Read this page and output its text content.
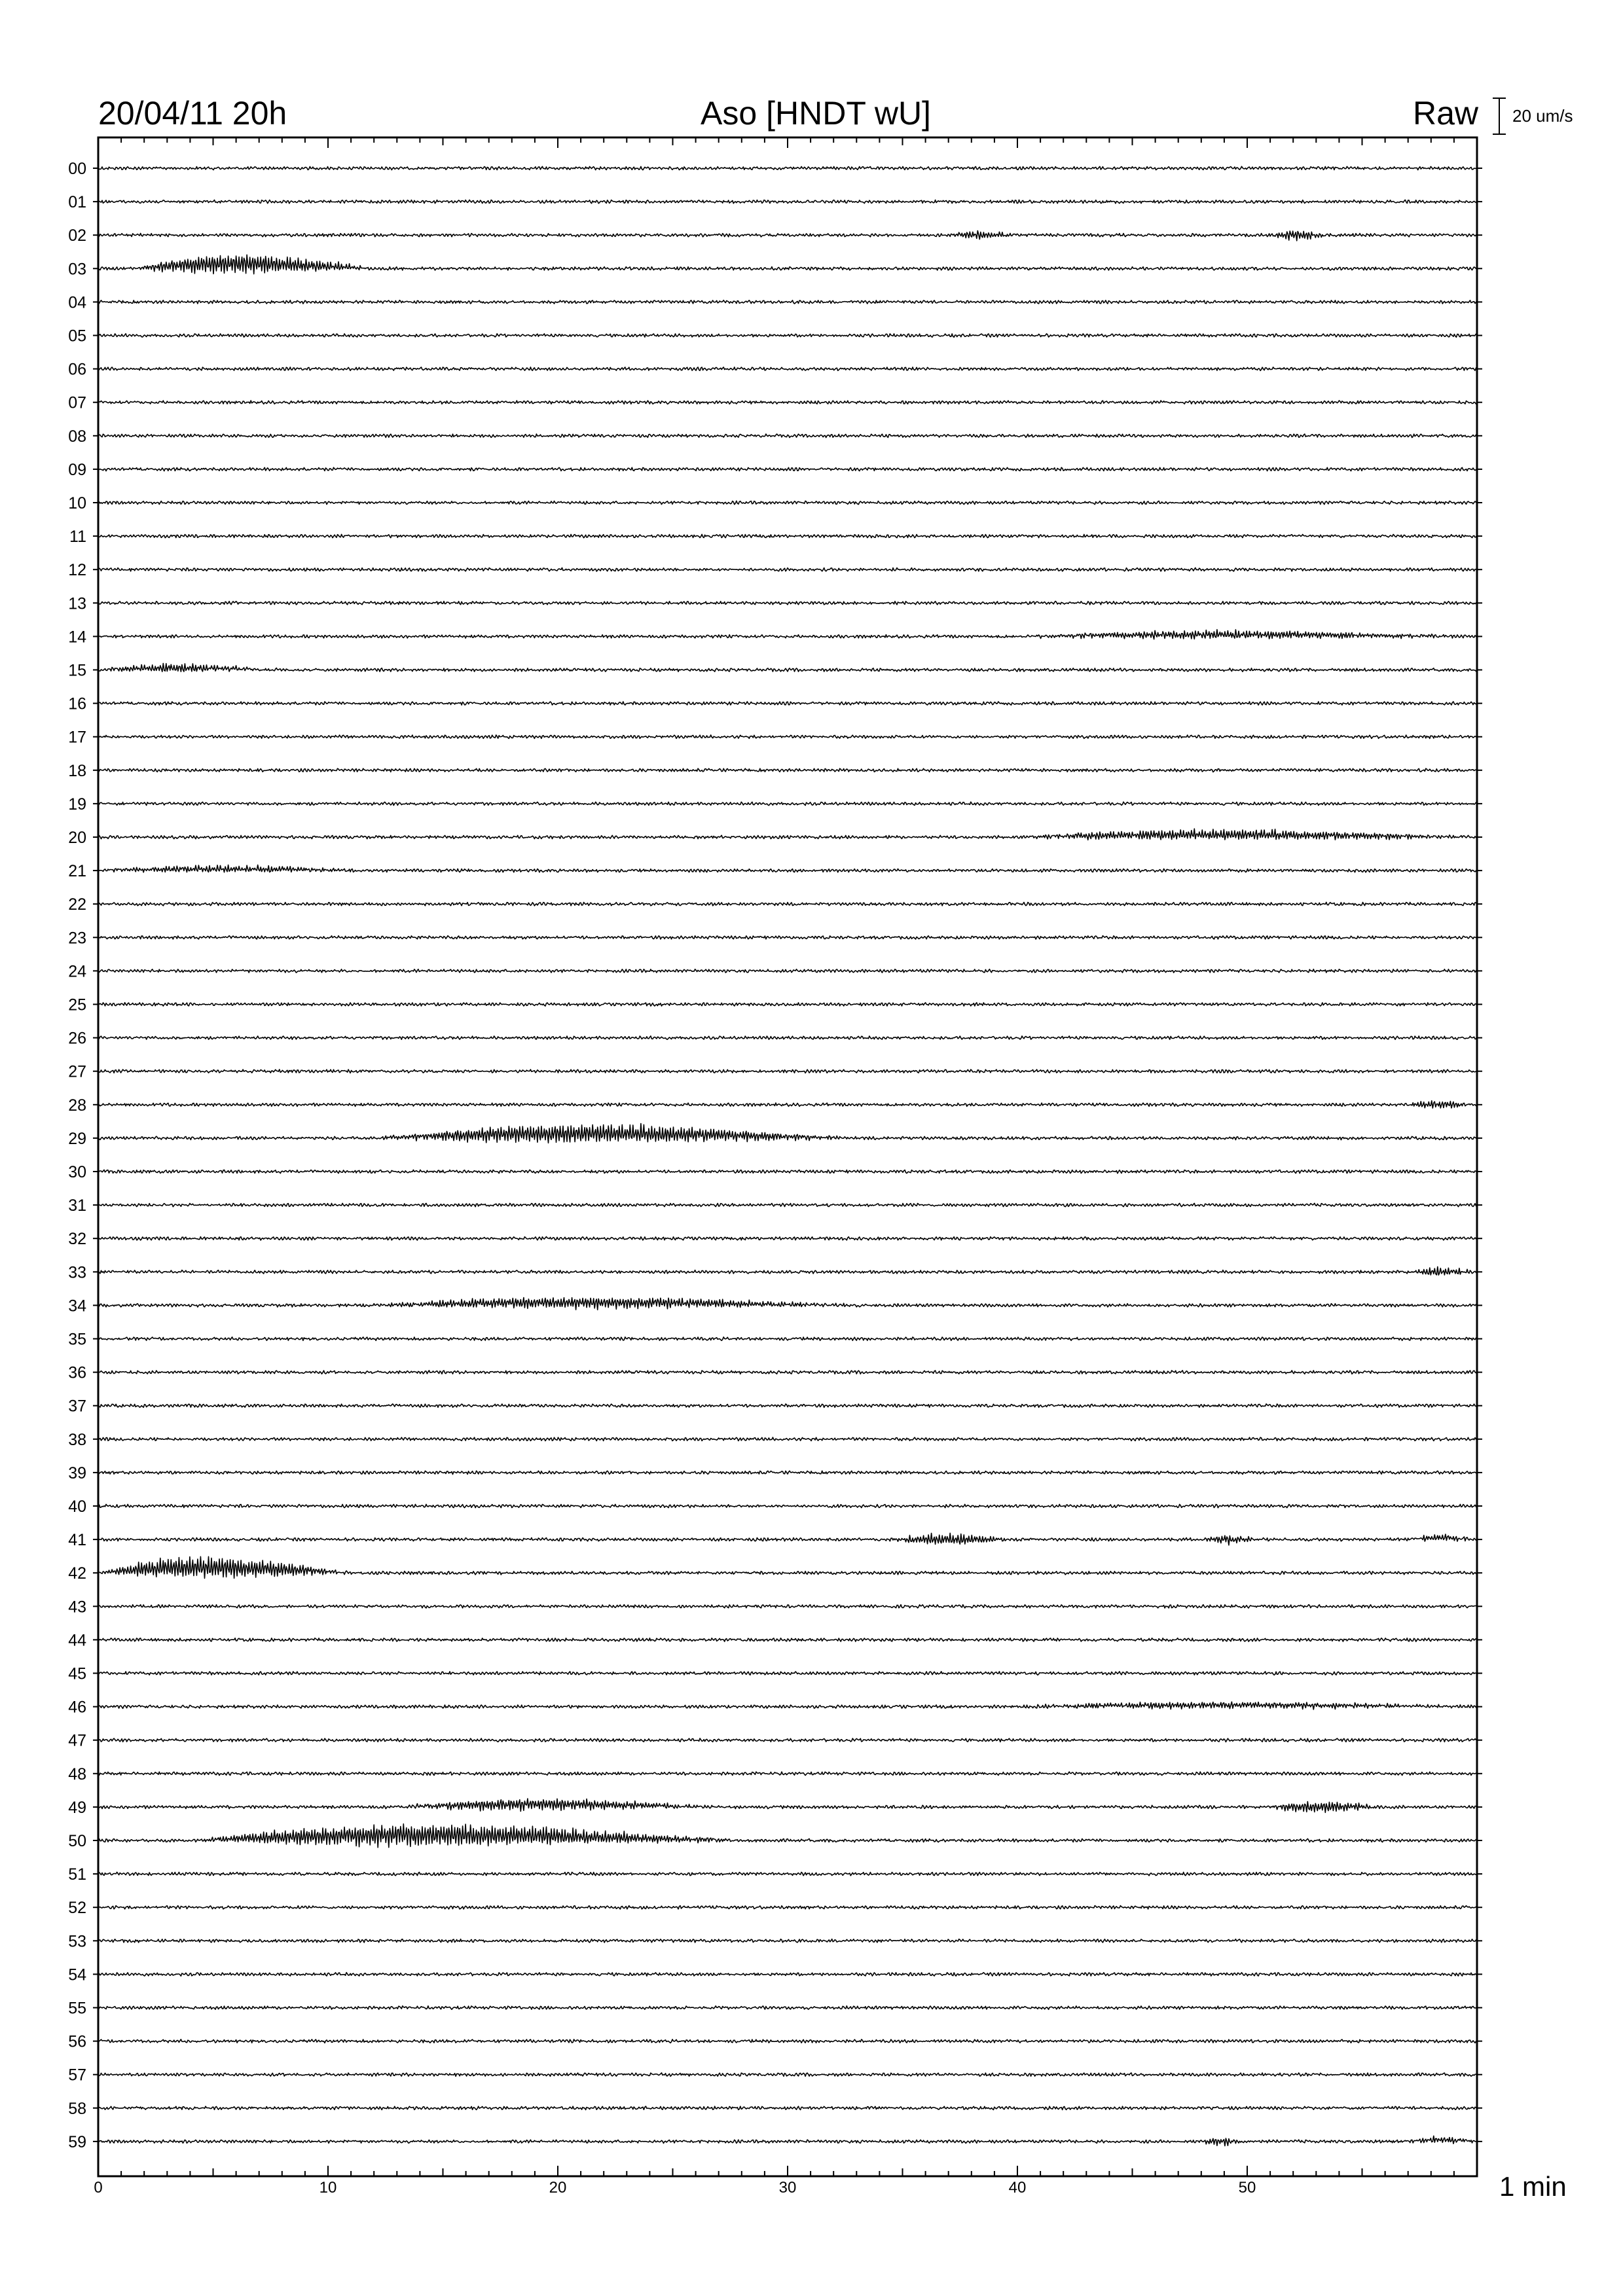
20/04/11 20h	Aso [HNDT wU]	Raw 20 um/s
00
01
02
03
04
05
06
07
08
09
10
11
12
13
14
15
16
17
18
19
20
21
22
23
24
25
26
27
28
29
30
31
32
33
34
35
36
37
38
39
40
41
42
43
44
45
46
47
48
49
50
51
52
53
54
55
56
57
58
59
0	10	20	30	40	50	1 min
